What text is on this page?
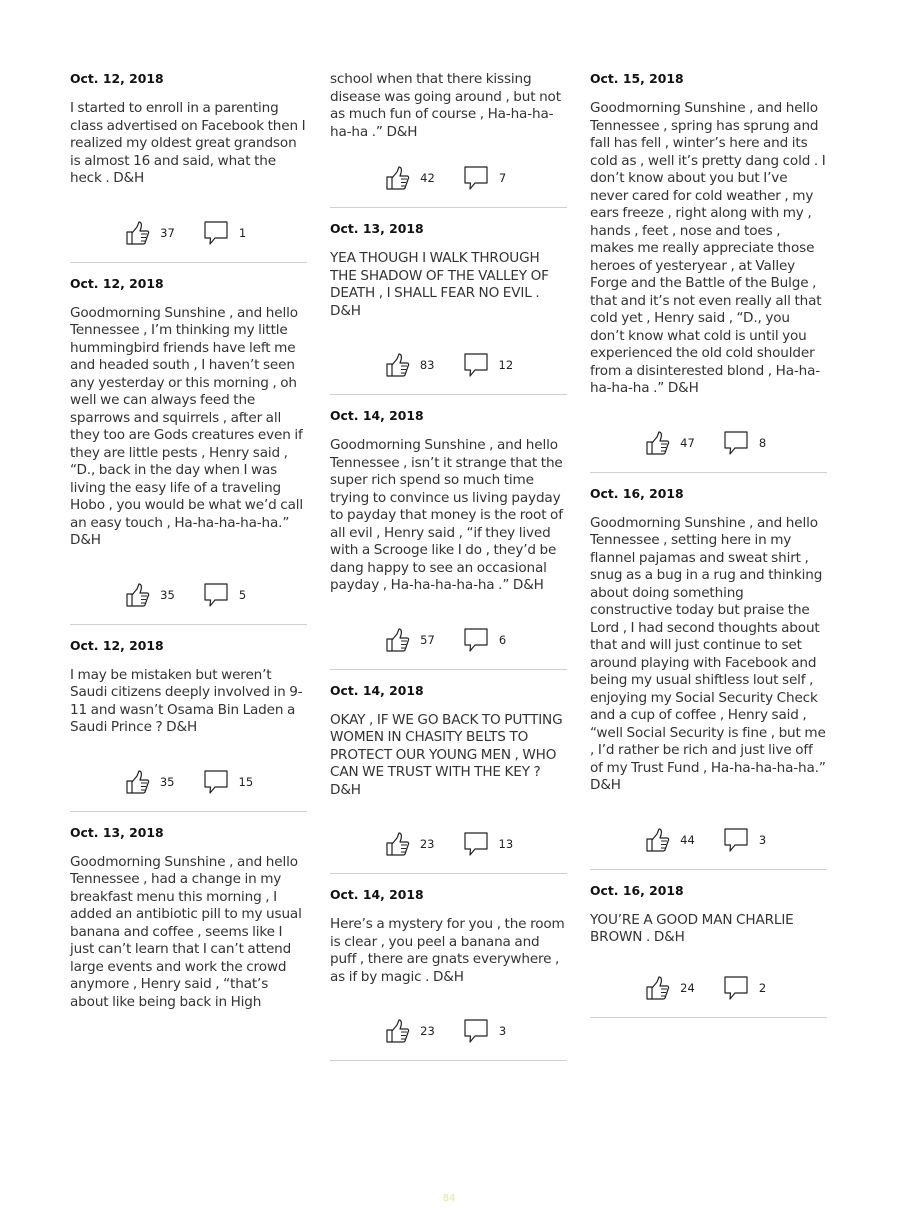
Oct. 12, 2018

I started to enroll in a parenting class advertised on Facebook then I realized my oldest great grandson is almost 16 and said, what the heck . D&H

37	1
Oct. 12, 2018

Goodmorning Sunshine , and hello Tennessee , I’m thinking my little hummingbird friends have left me and headed south , I haven’t seen any yesterday or this morning , oh well we can always feed the sparrows and squirrels , after all they too are Gods creatures even if they are little pests , Henry said , “D., back in the day when I was living the easy life of a traveling Hobo , you would be what we’d call an easy touch , Ha-ha-ha-ha-ha.” D&H

35	5
Oct. 12, 2018

I may be mistaken but weren’t Saudi citizens deeply involved in 9-11 and wasn’t Osama Bin Laden a Saudi Prince ? D&H

35	15
Oct. 13, 2018

Goodmorning Sunshine , and hello Tennessee , had a change in my breakfast menu this morning , I added an antibiotic pill to my usual banana and coffee , seems like I just can’t learn that I can’t attend large events and work the crowd anymore , Henry said , “that’s about like being back in High

school when that there kissing disease was going around , but not as much fun of course , Ha-ha-ha-ha-ha .” D&H

42	7
Oct. 13, 2018

YEA THOUGH I WALK THROUGH THE SHADOW OF THE VALLEY OF DEATH , I SHALL FEAR NO EVIL . D&H

83	12
Oct. 14, 2018

Goodmorning Sunshine , and hello Tennessee , isn’t it strange that the super rich spend so much time trying to convince us living payday to payday that money is the root of all evil , Henry said , “if they lived with a Scrooge like I do , they’d be dang happy to see an occasional payday , Ha-ha-ha-ha-ha .” D&H

57	6
Oct. 14, 2018

OKAY , IF WE GO BACK TO PUTTING WOMEN IN CHASITY BELTS TO PROTECT OUR YOUNG MEN , WHO CAN WE TRUST WITH THE KEY ? D&H

23	13
Oct. 14, 2018

Here’s a mystery for you , the room is clear , you peel a banana and puff , there are gnats everywhere , as if by magic . D&H

23	3
Oct. 15, 2018

Goodmorning Sunshine , and hello Tennessee , spring has sprung and fall has fell , winter’s here and its cold as , well it’s pretty dang cold . I don’t know about you but I’ve never cared for cold weather , my ears freeze , right along with my , hands , feet , nose and toes , makes me really appreciate those heroes of yesteryear , at Valley Forge and the Battle of the Bulge , that and it’s not even really all that cold yet , Henry said , “D., you don’t know what cold is until you experienced the old cold shoulder from a disinterested blond , Ha-ha-ha-ha-ha .” D&H

47	8
Oct. 16, 2018

Goodmorning Sunshine , and hello Tennessee , setting here in my flannel pajamas and sweat shirt , snug as a bug in a rug and thinking about doing something constructive today but praise the Lord , I had second thoughts about that and will just continue to set around playing with Facebook and being my usual shiftless lout self , enjoying my Social Security Check and a cup of coffee , Henry said , “well Social Security is fine , but me , I’d rather be rich and just live off of my Trust Fund , Ha-ha-ha-ha-ha.” D&H

44	3
Oct. 16, 2018

YOU’RE A GOOD MAN CHARLIE BROWN . D&H

24	2
84
